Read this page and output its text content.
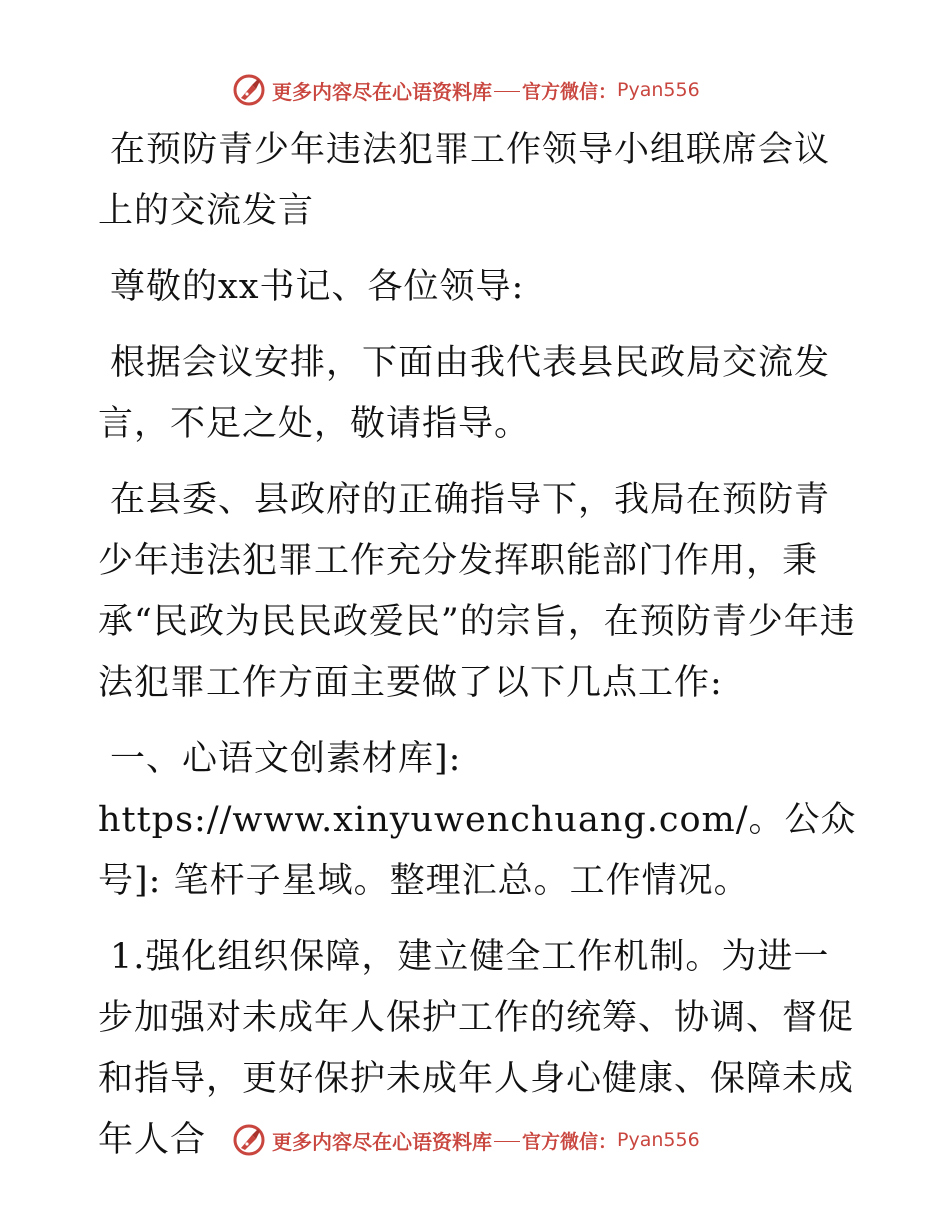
更多内容尽在心语资料库 官方微信： Pyan556

在预防青少年违法犯罪工作领导小组联席会议上的交流发言

尊敬的xx书记、各位领导:

根据会议安排，下面由我代表县民政局交流发言，不足之处，敬请指导。

在县委、县政府的正确指导下，我局在预防青少年违法犯罪工作充分发挥职能部门作用，秉承“民政为民民政爱民”的宗旨，在预防青少年违法犯罪工作方面主要做了以下几点工作:

一、心语文创素材库]: https://www.xinyuwenchuang.com/。公众号]: 笔杆子星域。整理汇总。工作情况。

1.强化组织保障，建立健全工作机制。为进一步加强对未成年人保护工作的统筹、协调、督促和指导，更好保护未成年人身心健康、保障未成年人合	更多内容尽在心语资料库 官方微信： Pyan556
